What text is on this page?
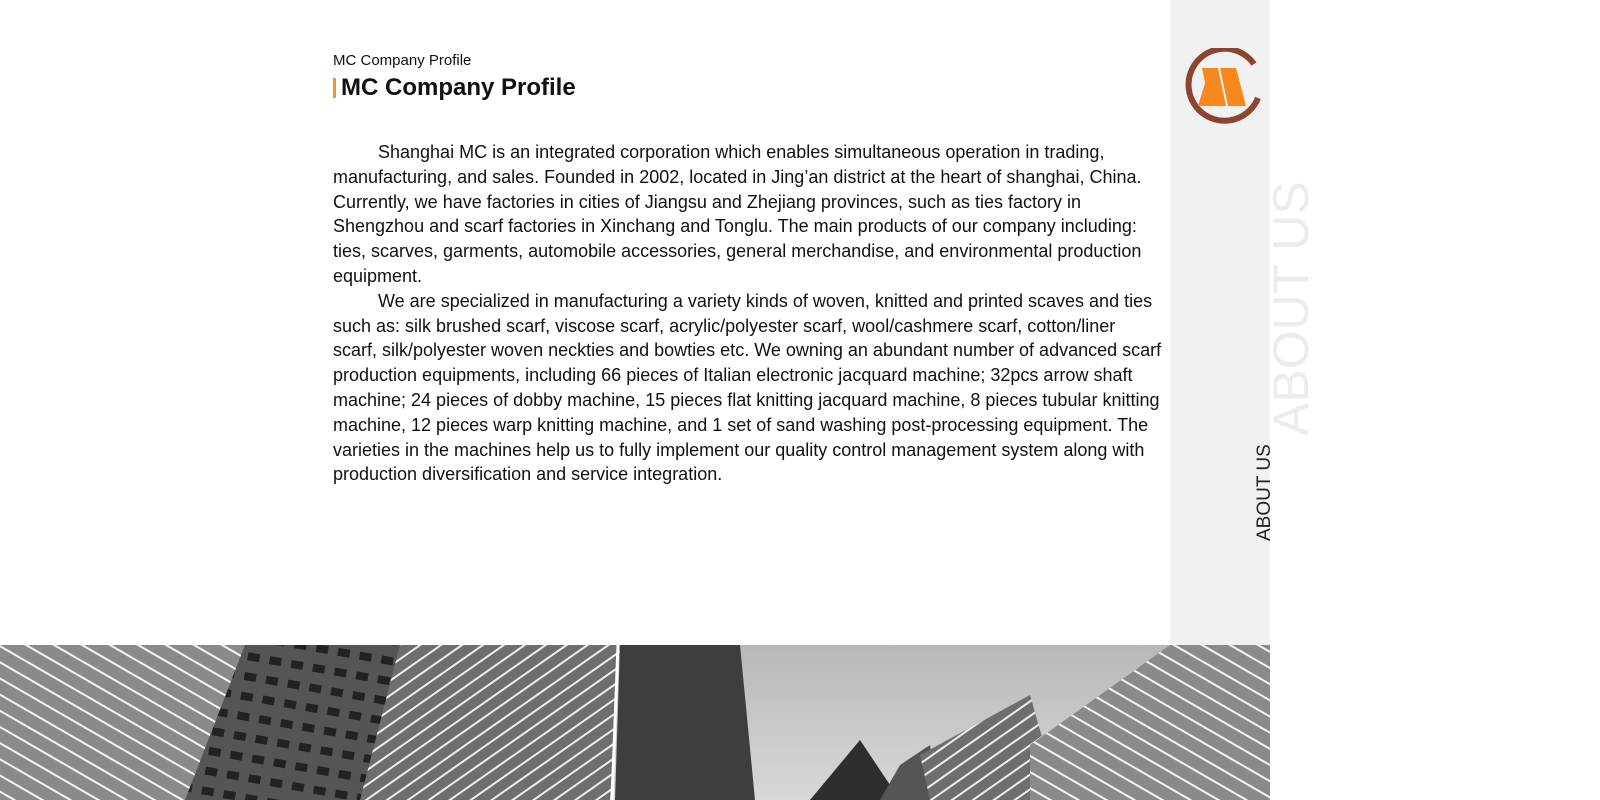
ABOUT US
ABOUT US
MC Company Profile
MC Company Profile

Shanghai MC is an integrated corporation which enables simultaneous operation in trading, manufacturing, and sales. Founded in 2002, located in Jing’an district at the heart of shanghai, China. Currently, we have factories in cities of Jiangsu and Zhejiang provinces, such as ties factory in Shengzhou and scarf factories in Xinchang and Tonglu. The main products of our company including: ties, scarves, garments, automobile accessories, general merchandise, and environmental production equipment.

We are specialized in manufacturing a variety kinds of woven, knitted and printed scaves and ties such as: silk brushed scarf, viscose scarf, acrylic/polyester scarf, wool/cashmere scarf, cotton/liner scarf, silk/polyester woven neckties and bowties etc. We owning an abundant number of advanced scarf production equipments, including 66 pieces of Italian electronic jacquard machine; 32pcs arrow shaft machine; 24 pieces of dobby machine, 15 pieces flat knitting jacquard machine, 8 pieces tubular knitting machine, 12 pieces warp knitting machine, and 1 set of sand washing post-processing equipment. The varieties in the machines help us to fully implement our quality control management system along with production diversification and service integration.
